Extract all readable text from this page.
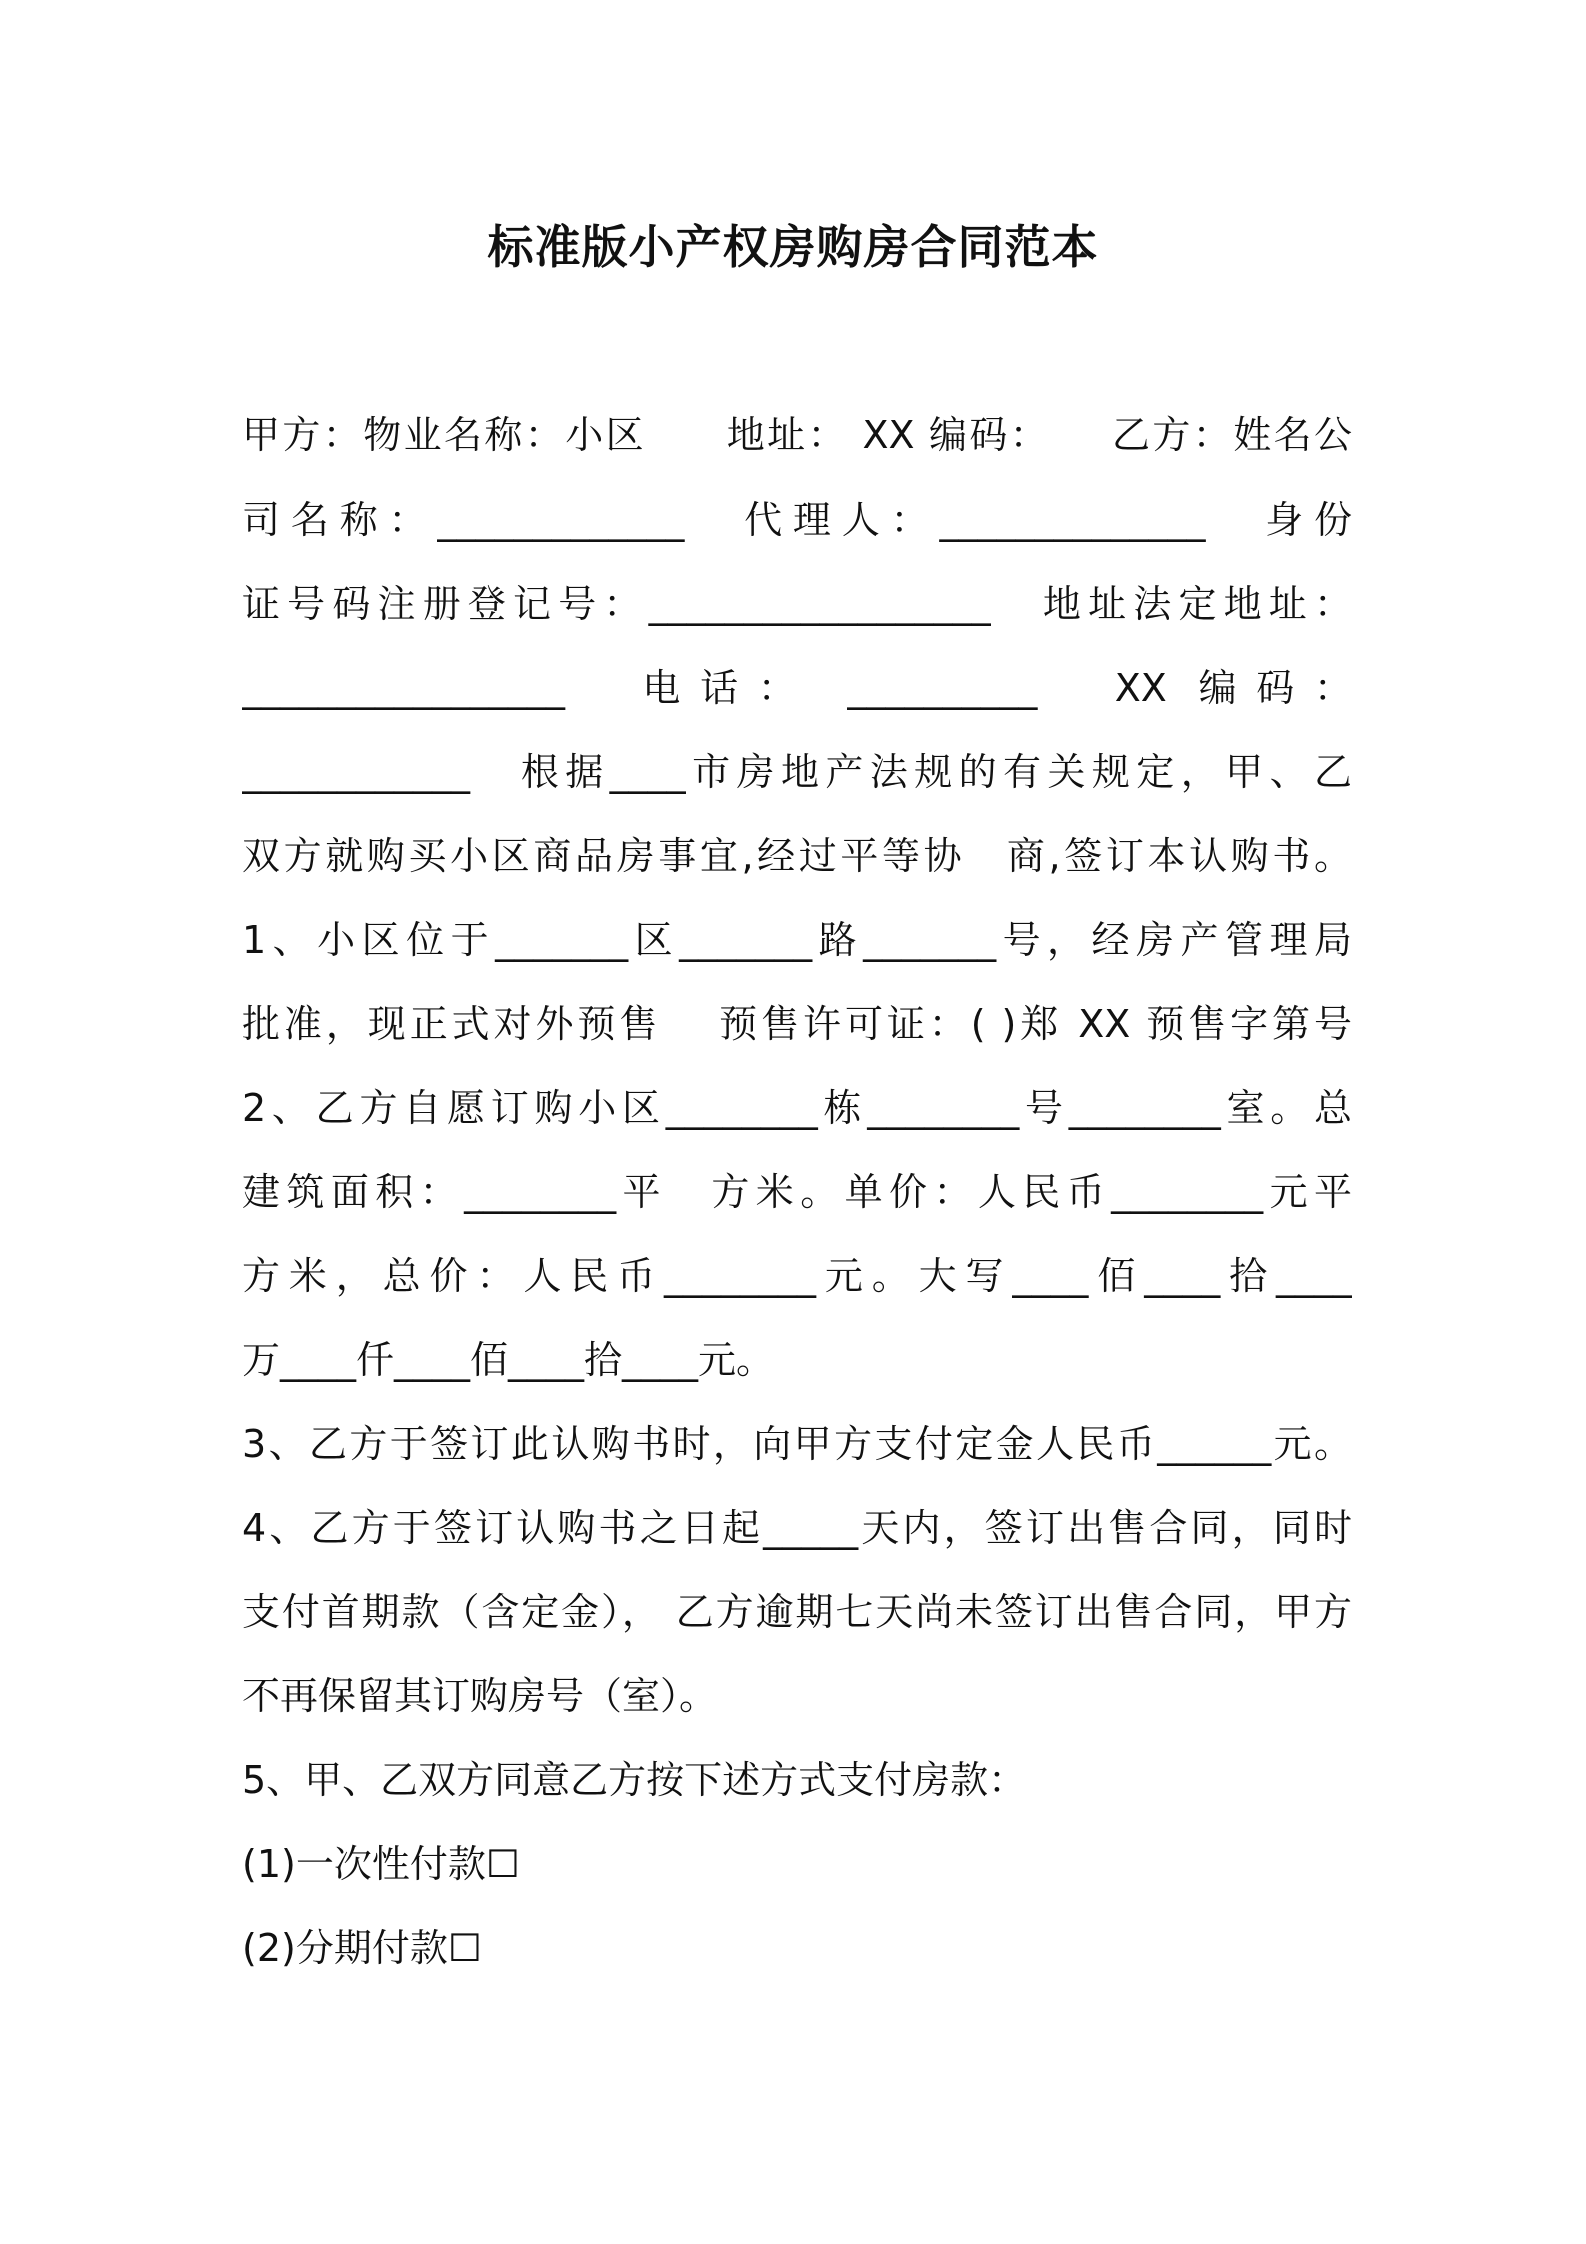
标准版小产权房购房合同范本
甲方：物业名称：小区　　地址： XX 编码：　　乙方：姓名公
司名称：_____________　代理人：______________　身份
证号码注册登记号：__________________　地址法定地址：
_________________　电话： __________　XX 编码：
____________　根据____市房地产法规的有关规定，甲、乙
双方就购买小区商品房事宜,经过平等协　商,签订本认购书。
1、小区位于_______区_______路_______号，经房产管理局
批准，现正式对外预售　 预售许可证：( )郑 XX 预售字第号
2、乙方自愿订购小区________栋________号________室。总
建筑面积：________平　方米。单价：人民币________元平
方米，总价：人民币________元。大写____佰____拾____
万____仟____佰____拾____元。
3、乙方于签订此认购书时，向甲方支付定金人民币______元。
4、乙方于签订认购书之日起_____天内，签订出售合同，同时
支付首期款（含定金）， 乙方逾期七天尚未签订出售合同，甲方
不再保留其订购房号（室）。
5、甲、乙双方同意乙方按下述方式支付房款：
(1)一次性付款☐
(2)分期付款☐
